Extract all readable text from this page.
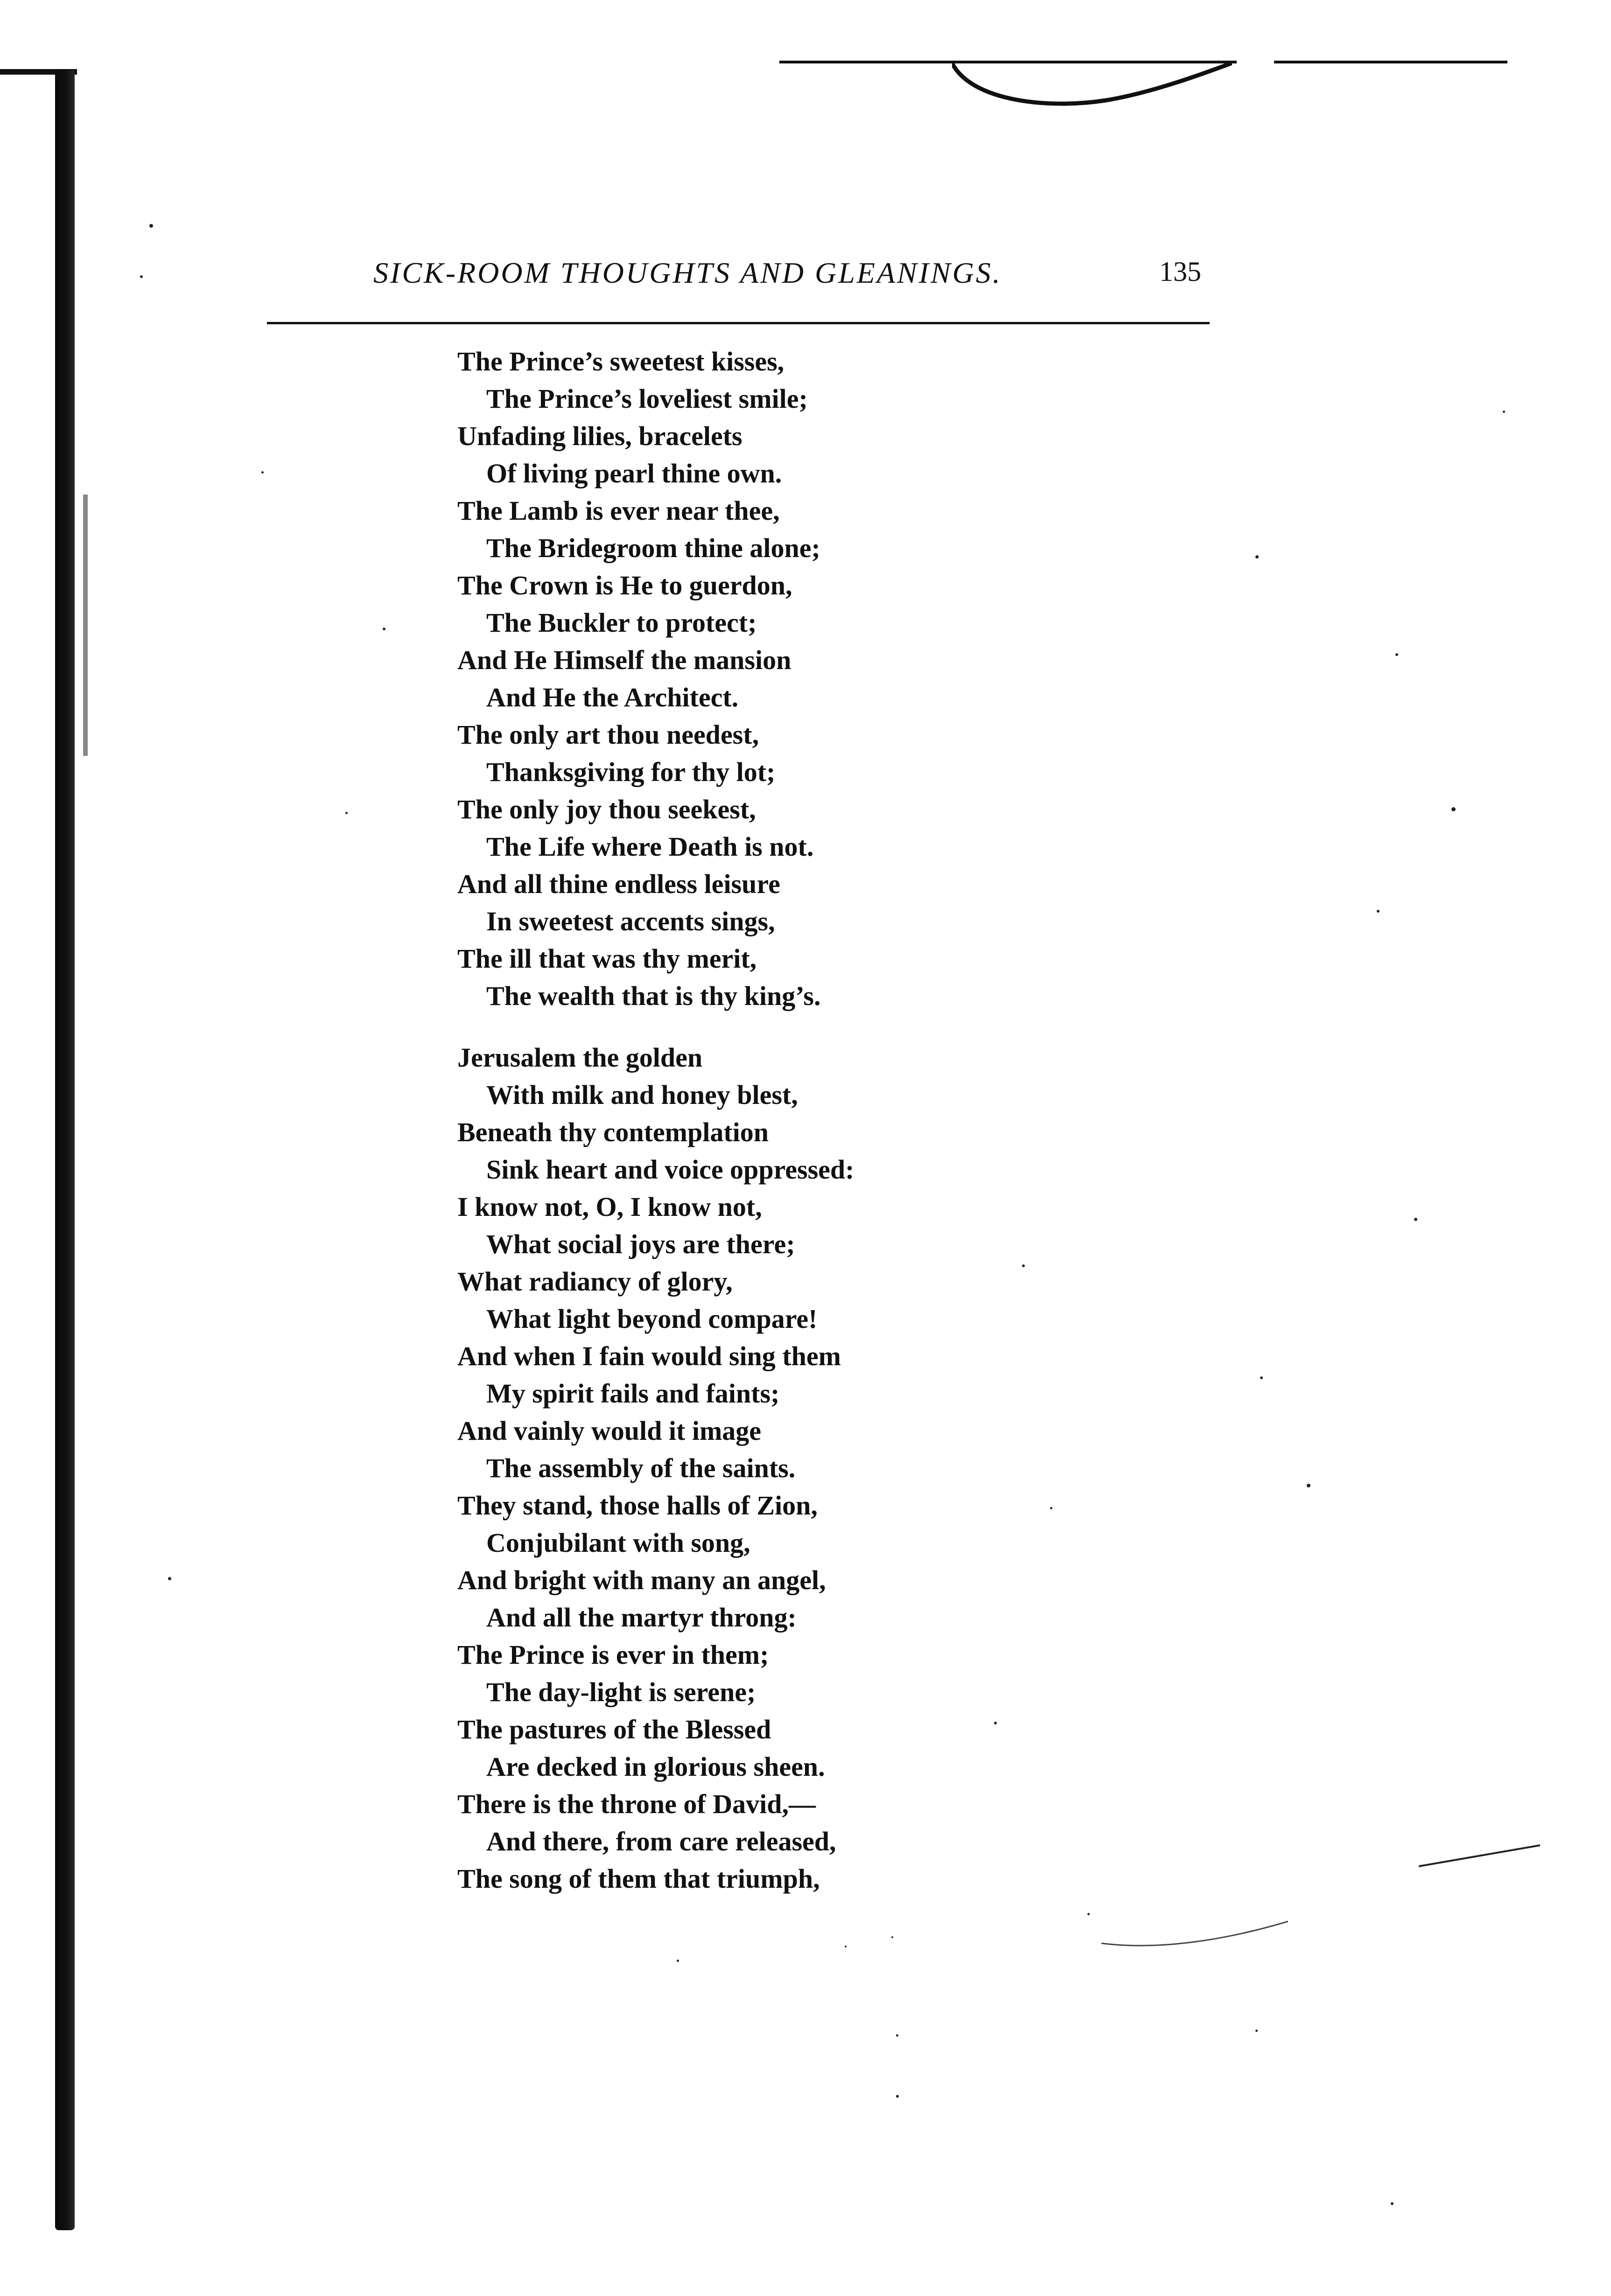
SICK-ROOM THOUGHTS AND GLEANINGS.	135
The Prince’s sweetest kisses,
The Prince’s loveliest smile;
Unfading lilies, bracelets
Of living pearl thine own.
The Lamb is ever near thee,
The Bridegroom thine alone;
The Crown is He to guerdon,
The Buckler to protect;
And He Himself the mansion
And He the Architect.
The only art thou needest,
Thanksgiving for thy lot;
The only joy thou seekest,
The Life where Death is not.
And all thine endless leisure
In sweetest accents sings,
The ill that was thy merit,
The wealth that is thy king’s.
Jerusalem the golden
With milk and honey blest,
Beneath thy contemplation
Sink heart and voice oppressed:
I know not, O, I know not,
What social joys are there;
What radiancy of glory,
What light beyond compare!
And when I fain would sing them
My spirit fails and faints;
And vainly would it image
The assembly of the saints.
They stand, those halls of Zion,
Conjubilant with song,
And bright with many an angel,
And all the martyr throng:
The Prince is ever in them;
The day-light is serene;
The pastures of the Blessed
Are decked in glorious sheen.
There is the throne of David,—
And there, from care released,
The song of them that triumph,
